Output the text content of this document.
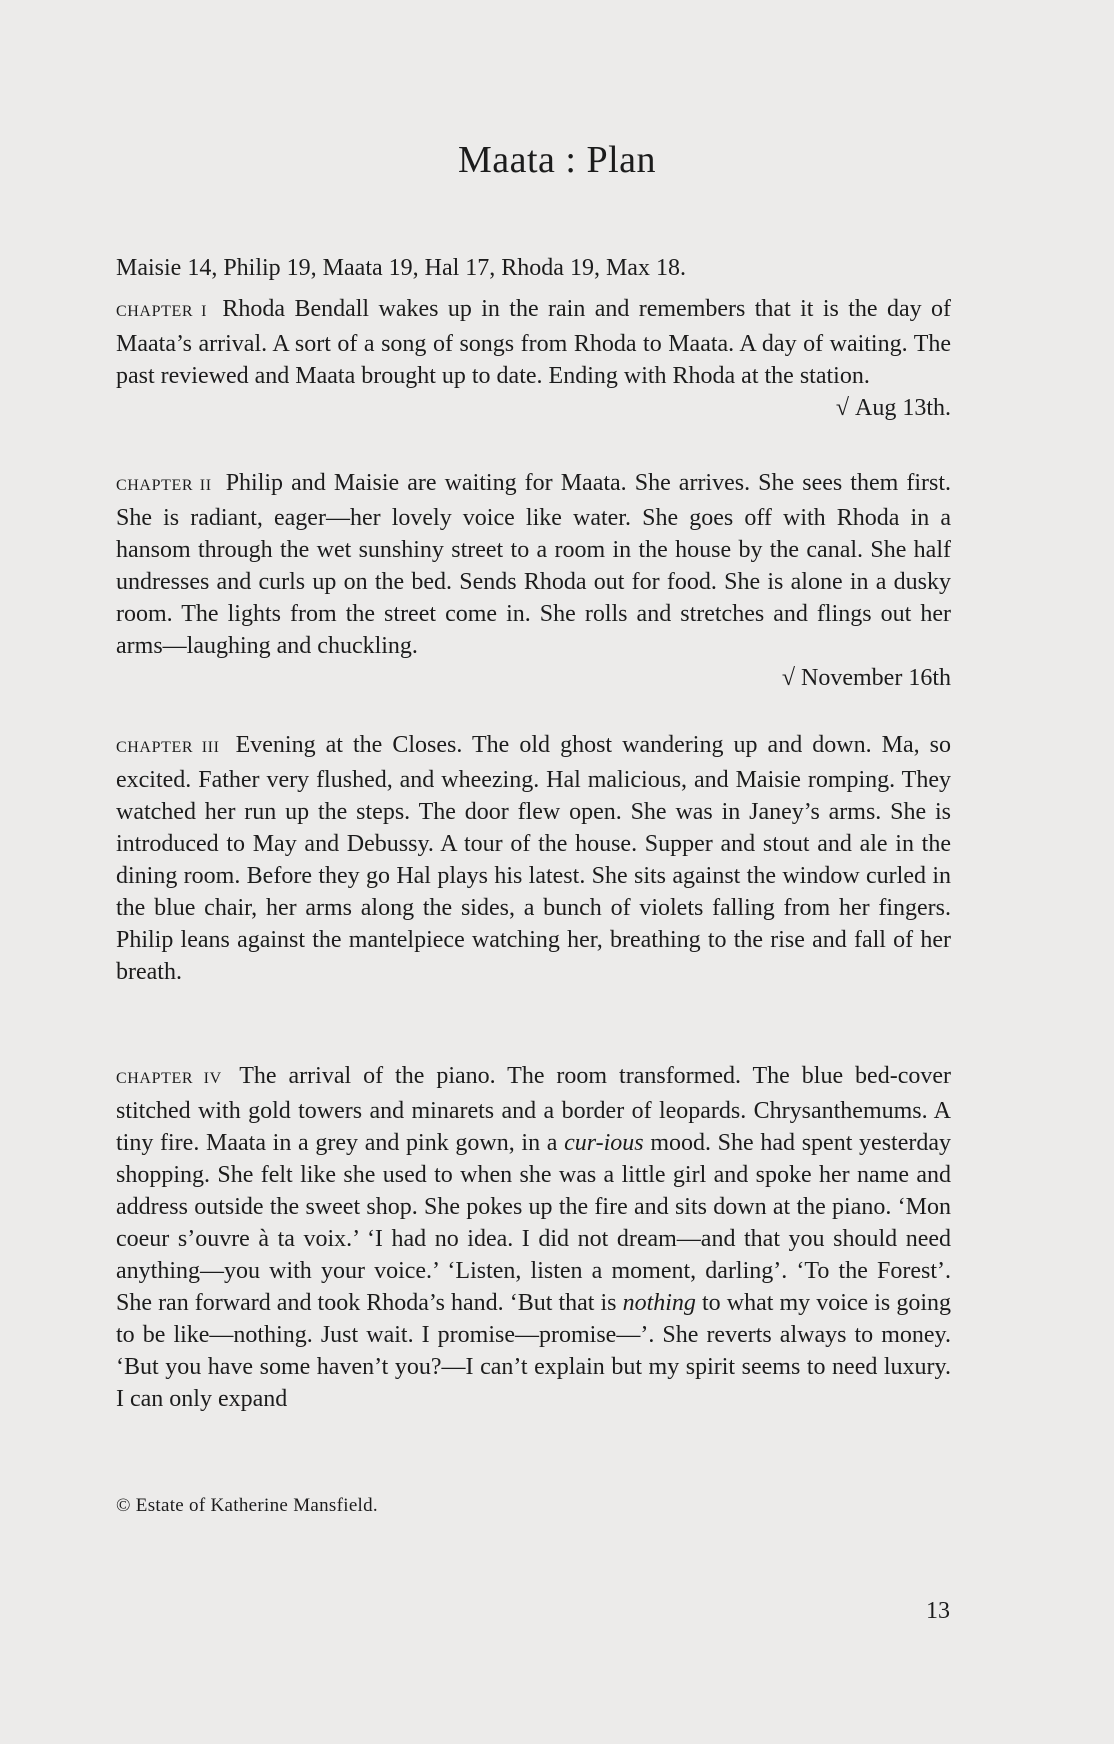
Maata : Plan
Maisie 14, Philip 19, Maata 19, Hal 17, Rhoda 19, Max 18.
CHAPTER I Rhoda Bendall wakes up in the rain and remembers that it is the day of Maata’s arrival. A sort of a song of songs from Rhoda to Maata. A day of waiting. The past reviewed and Maata brought up to date. Ending with Rhoda at the station.
√ Aug 13th.
CHAPTER II Philip and Maisie are waiting for Maata. She arrives. She sees them first. She is radiant, eager—her lovely voice like water. She goes off with Rhoda in a hansom through the wet sunshiny street to a room in the house by the canal. She half undresses and curls up on the bed. Sends Rhoda out for food. She is alone in a dusky room. The lights from the street come in. She rolls and stretches and flings out her arms—laughing and chuckling.
√ November 16th
CHAPTER III Evening at the Closes. The old ghost wandering up and down. Ma, so excited. Father very flushed, and wheezing. Hal malicious, and Maisie romping. They watched her run up the steps. The door flew open. She was in Janey’s arms. She is introduced to May and Debussy. A tour of the house. Supper and stout and ale in the dining room. Before they go Hal plays his latest. She sits against the window curled in the blue chair, her arms along the sides, a bunch of violets falling from her fingers. Philip leans against the mantelpiece watching her, breathing to the rise and fall of her breath.
CHAPTER IV The arrival of the piano. The room transformed. The blue bed-cover stitched with gold towers and minarets and a border of leopards. Chrysanthemums. A tiny fire. Maata in a grey and pink gown, in a cur-ious mood. She had spent yesterday shopping. She felt like she used to when she was a little girl and spoke her name and address outside the sweet shop. She pokes up the fire and sits down at the piano. ‘Mon coeur s’ouvre à ta voix.’ ‘I had no idea. I did not dream—and that you should need anything—you with your voice.’ ‘Listen, listen a moment, darling’. ‘To the Forest’. She ran forward and took Rhoda’s hand. ‘But that is nothing to what my voice is going to be like—nothing. Just wait. I promise—promise—’. She reverts always to money. ‘But you have some haven’t you?—I can’t explain but my spirit seems to need luxury. I can only expand
© Estate of Katherine Mansfield.
13
